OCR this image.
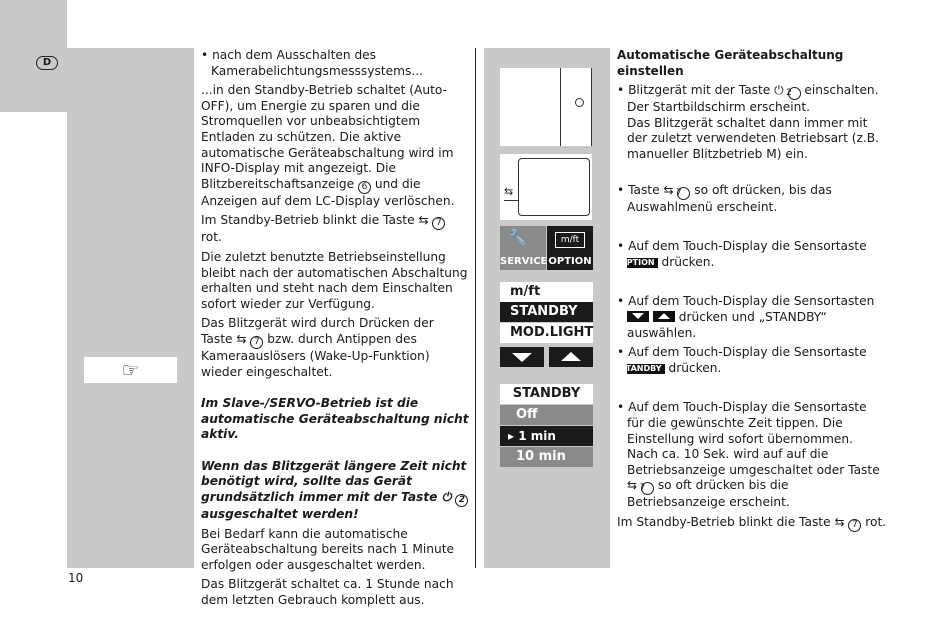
D
☞

• nach dem Ausschalten des Kamerabelichtungsmesssystems...

...in den Standby-Betrieb schaltet (Auto-OFF), um Energie zu sparen und die Stromquellen vor unbeabsichtigtem Entladen zu schützen. Die aktive automatische Geräteabschaltung wird im INFO-Display mit angezeigt. Die Blitzbereitschaftsanzeige 6 und die Anzeigen auf dem LC-Display verlöschen.

Im Standby-Betrieb blinkt die Taste ⇆ 7 rot.

Die zuletzt benutzte Betriebseinstellung bleibt nach der automatischen Abschaltung erhalten und steht nach dem Einschalten sofort wieder zur Verfügung.

Das Blitzgerät wird durch Drücken der Taste ⇆ 7 bzw. durch Antippen des Kameraauslösers (Wake-Up-Funktion) wieder eingeschaltet.

Im Slave-/SERVO-Betrieb ist die automatische Geräteabschaltung nicht aktiv.

Wenn das Blitzgerät längere Zeit nicht benötigt wird, sollte das Gerät grundsätzlich immer mit der Taste ⏻ 2 ausgeschaltet werden!

Bei Bedarf kann die automatische Geräteabschaltung bereits nach 1 Minute erfolgen oder ausgeschaltet werden.

Das Blitzgerät schaltet ca. 1 Stunde nach dem letzten Gebrauch komplett aus.

⇆
🔧
SERVICE
m/ft
OPTION
m/ft
STANDBY
MOD.LIGHT
STANDBY
Off
▸ 1 min
10 min

Automatische Geräteabschaltung einstellen

• Blitzgerät mit der Taste ⏻ 2 einschalten.

Der Startbildschirm erscheint.

Das Blitzgerät schaltet dann immer mit der zuletzt verwendeten Betriebsart (z.B. manueller Blitzbetrieb M) ein.

• Taste ⇆ 7 so oft drücken, bis das Auswahlmenü erscheint.

• Auf dem Touch-Display die Sensortaste OPTION drücken.

• Auf dem Touch-Display die Sensortasten

drücken und „STANDBY“ auswählen.

• Auf dem Touch-Display die Sensortaste STANDBY drücken.

• Auf dem Touch-Display die Sensortaste für die gewünschte Zeit tippen. Die Einstellung wird sofort übernommen. Nach ca. 10 Sek. wird auf auf die Betriebsanzeige umgeschaltet oder Taste ⇆ 7 so oft drücken bis die Betriebsanzeige erscheint.

Im Standby-Betrieb blinkt die Taste ⇆ 7 rot.

10
